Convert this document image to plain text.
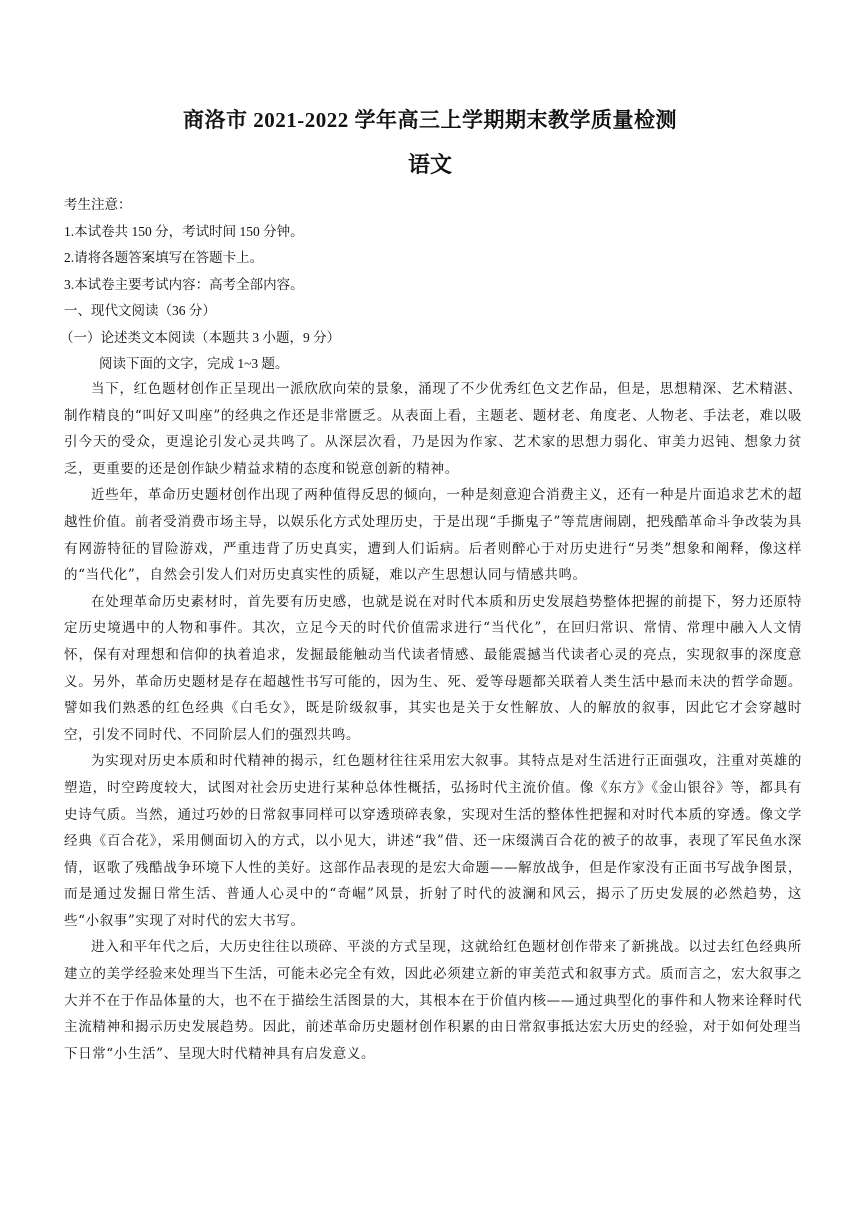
商洛市 2021-2022 学年高三上学期期末教学质量检测
语文
考生注意：
1.本试卷共 150 分，考试时间 150 分钟。
2.请将各题答案填写在答题卡上。
3.本试卷主要考试内容：高考全部内容。
一、现代文阅读（36 分）
（一）论述类文本阅读（本题共 3 小题，9 分）
阅读下面的文字，完成 1~3 题。

当下，红色题材创作正呈现出一派欣欣向荣的景象，涌现了不少优秀红色文艺作品，但是，思想精深、艺术精湛、制作精良的“叫好又叫座”的经典之作还是非常匮乏。从表面上看，主题老、题材老、角度老、人物老、手法老，难以吸引今天的受众，更遑论引发心灵共鸣了。从深层次看，乃是因为作家、艺术家的思想力弱化、审美力迟钝、想象力贫乏，更重要的还是创作缺少精益求精的态度和锐意创新的精神。

近些年，革命历史题材创作出现了两种值得反思的倾向，一种是刻意迎合消费主义，还有一种是片面追求艺术的超越性价值。前者受消费市场主导，以娱乐化方式处理历史，于是出现“手撕鬼子”等荒唐闹剧，把残酷革命斗争改装为具有网游特征的冒险游戏，严重违背了历史真实，遭到人们诟病。后者则醉心于对历史进行“另类”想象和阐释，像这样的“当代化”，自然会引发人们对历史真实性的质疑，难以产生思想认同与情感共鸣。

在处理革命历史素材时，首先要有历史感，也就是说在对时代本质和历史发展趋势整体把握的前提下，努力还原特定历史境遇中的人物和事件。其次，立足今天的时代价值需求进行“当代化”，在回归常识、常情、常理中融入人文情怀，保有对理想和信仰的执着追求，发掘最能触动当代读者情感、最能震撼当代读者心灵的亮点，实现叙事的深度意义。另外，革命历史题材是存在超越性书写可能的，因为生、死、爱等母题都关联着人类生活中悬而未决的哲学命题。譬如我们熟悉的红色经典《白毛女》，既是阶级叙事，其实也是关于女性解放、人的解放的叙事，因此它才会穿越时空，引发不同时代、不同阶层人们的强烈共鸣。

为实现对历史本质和时代精神的揭示，红色题材往往采用宏大叙事。其特点是对生活进行正面强攻，注重对英雄的塑造，时空跨度较大，试图对社会历史进行某种总体性概括，弘扬时代主流价值。像《东方》《金山银谷》等，都具有史诗气质。当然，通过巧妙的日常叙事同样可以穿透琐碎表象，实现对生活的整体性把握和对时代本质的穿透。像文学经典《百合花》，采用侧面切入的方式，以小见大，讲述“我”借、还一床缀满百合花的被子的故事，表现了军民鱼水深情，讴歌了残酷战争环境下人性的美好。这部作品表现的是宏大命题——解放战争，但是作家没有正面书写战争图景，而是通过发掘日常生活、普通人心灵中的“奇崛”风景，折射了时代的波澜和风云，揭示了历史发展的必然趋势，这些“小叙事”实现了对时代的宏大书写。

进入和平年代之后，大历史往往以琐碎、平淡的方式呈现，这就给红色题材创作带来了新挑战。以过去红色经典所建立的美学经验来处理当下生活，可能未必完全有效，因此必须建立新的审美范式和叙事方式。质而言之，宏大叙事之大并不在于作品体量的大，也不在于描绘生活图景的大，其根本在于价值内核——通过典型化的事件和人物来诠释时代主流精神和揭示历史发展趋势。因此，前述革命历史题材创作积累的由日常叙事抵达宏大历史的经验，对于如何处理当下日常“小生活”、呈现大时代精神具有启发意义。
